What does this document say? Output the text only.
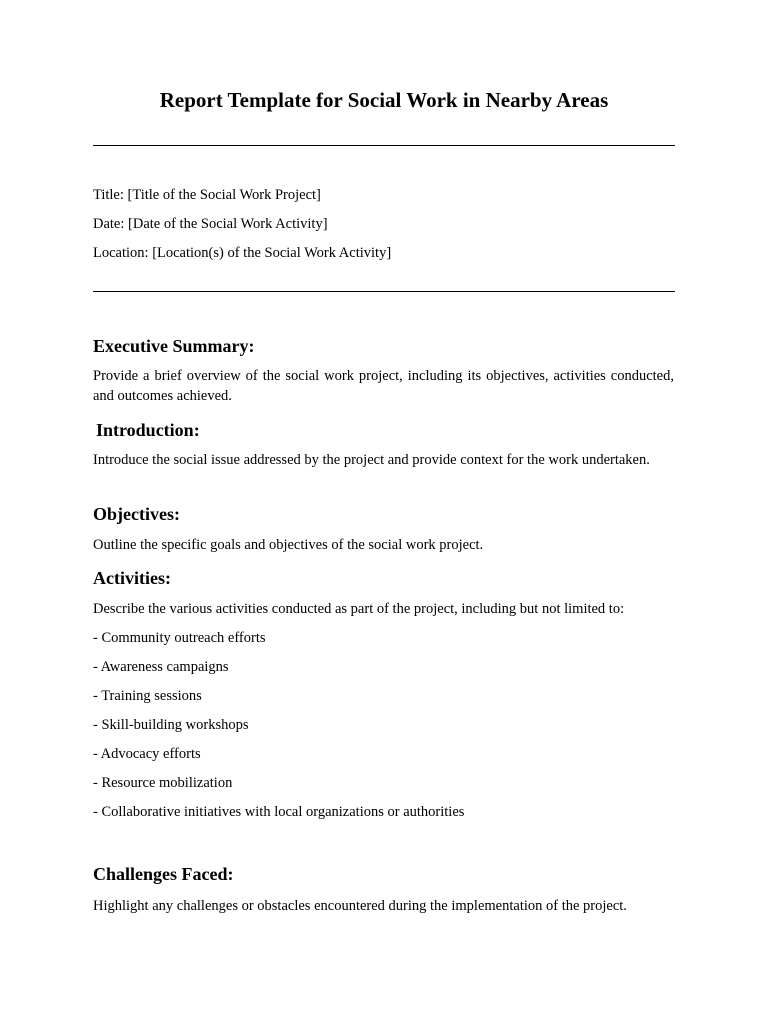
Report Template for Social Work in Nearby Areas
Title: [Title of the Social Work Project]
Date: [Date of the Social Work Activity]
Location: [Location(s) of the Social Work Activity]
Executive Summary:
Provide a brief overview of the social work project, including its objectives, activities conducted, and outcomes achieved.
Introduction:
Introduce the social issue addressed by the project and provide context for the work undertaken.
Objectives:
Outline the specific goals and objectives of the social work project.
Activities:
Describe the various activities conducted as part of the project, including but not limited to:
- Community outreach efforts
- Awareness campaigns
- Training sessions
- Skill-building workshops
- Advocacy efforts
- Resource mobilization
- Collaborative initiatives with local organizations or authorities
Challenges Faced:
Highlight any challenges or obstacles encountered during the implementation of the project.
